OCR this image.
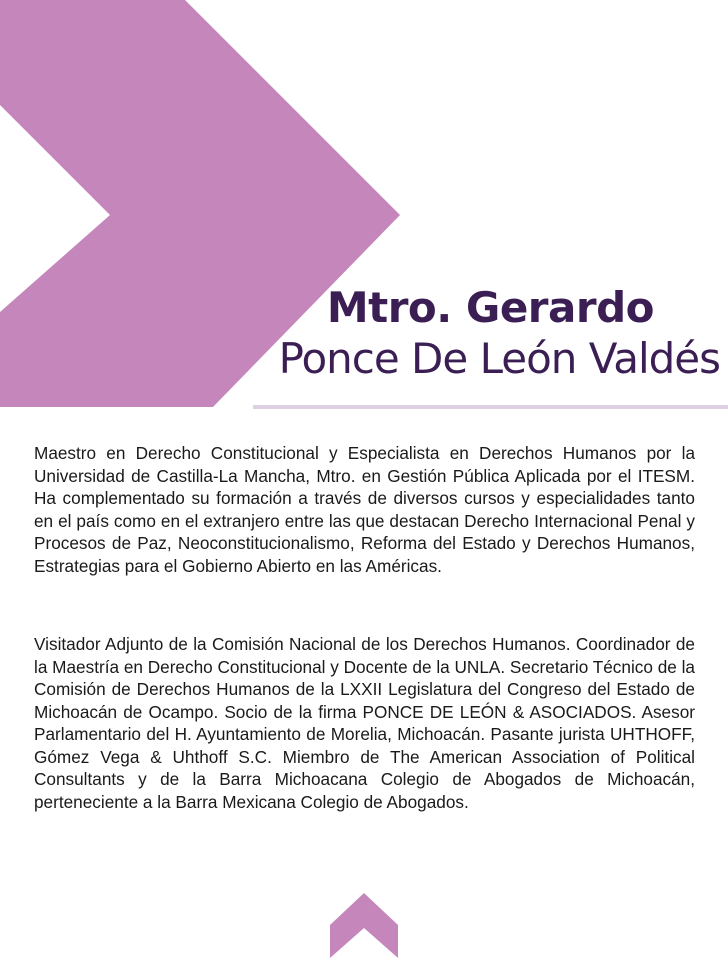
Mtro. Gerardo
Ponce De León Valdés

Maestro en Derecho Constitucional y Especialista en Derechos Humanos por la Universidad de Castilla-La Mancha, Mtro. en Gestión Pública Aplicada por el ITESM. Ha complementado su formación a través de diversos cursos y especialidades tanto en el país como en el extranjero entre las que destacan Derecho Internacional Penal y Procesos de Paz, Neoconstitucionalismo, Reforma del Estado y Derechos Humanos, Estrategias para el Gobierno Abierto en las Américas.

Visitador Adjunto de la Comisión Nacional de los Derechos Humanos. Coordinador de la Maestría en Derecho Constitucional y Docente de la UNLA. Secretario Técnico de la Comisión de Derechos Humanos de la LXXII Legislatura del Congreso del Estado de Michoacán de Ocampo. Socio de la firma PONCE DE LEÓN & ASOCIADOS. Asesor Parlamentario del H. Ayuntamiento de Morelia, Michoacán. Pasante jurista UHTHOFF, Gómez Vega & Uhthoff S.C. Miembro de The American Association of Political Consultants y de la Barra Michoacana Colegio de Abogados de Michoacán, perteneciente a la Barra Mexicana Colegio de Abogados.
